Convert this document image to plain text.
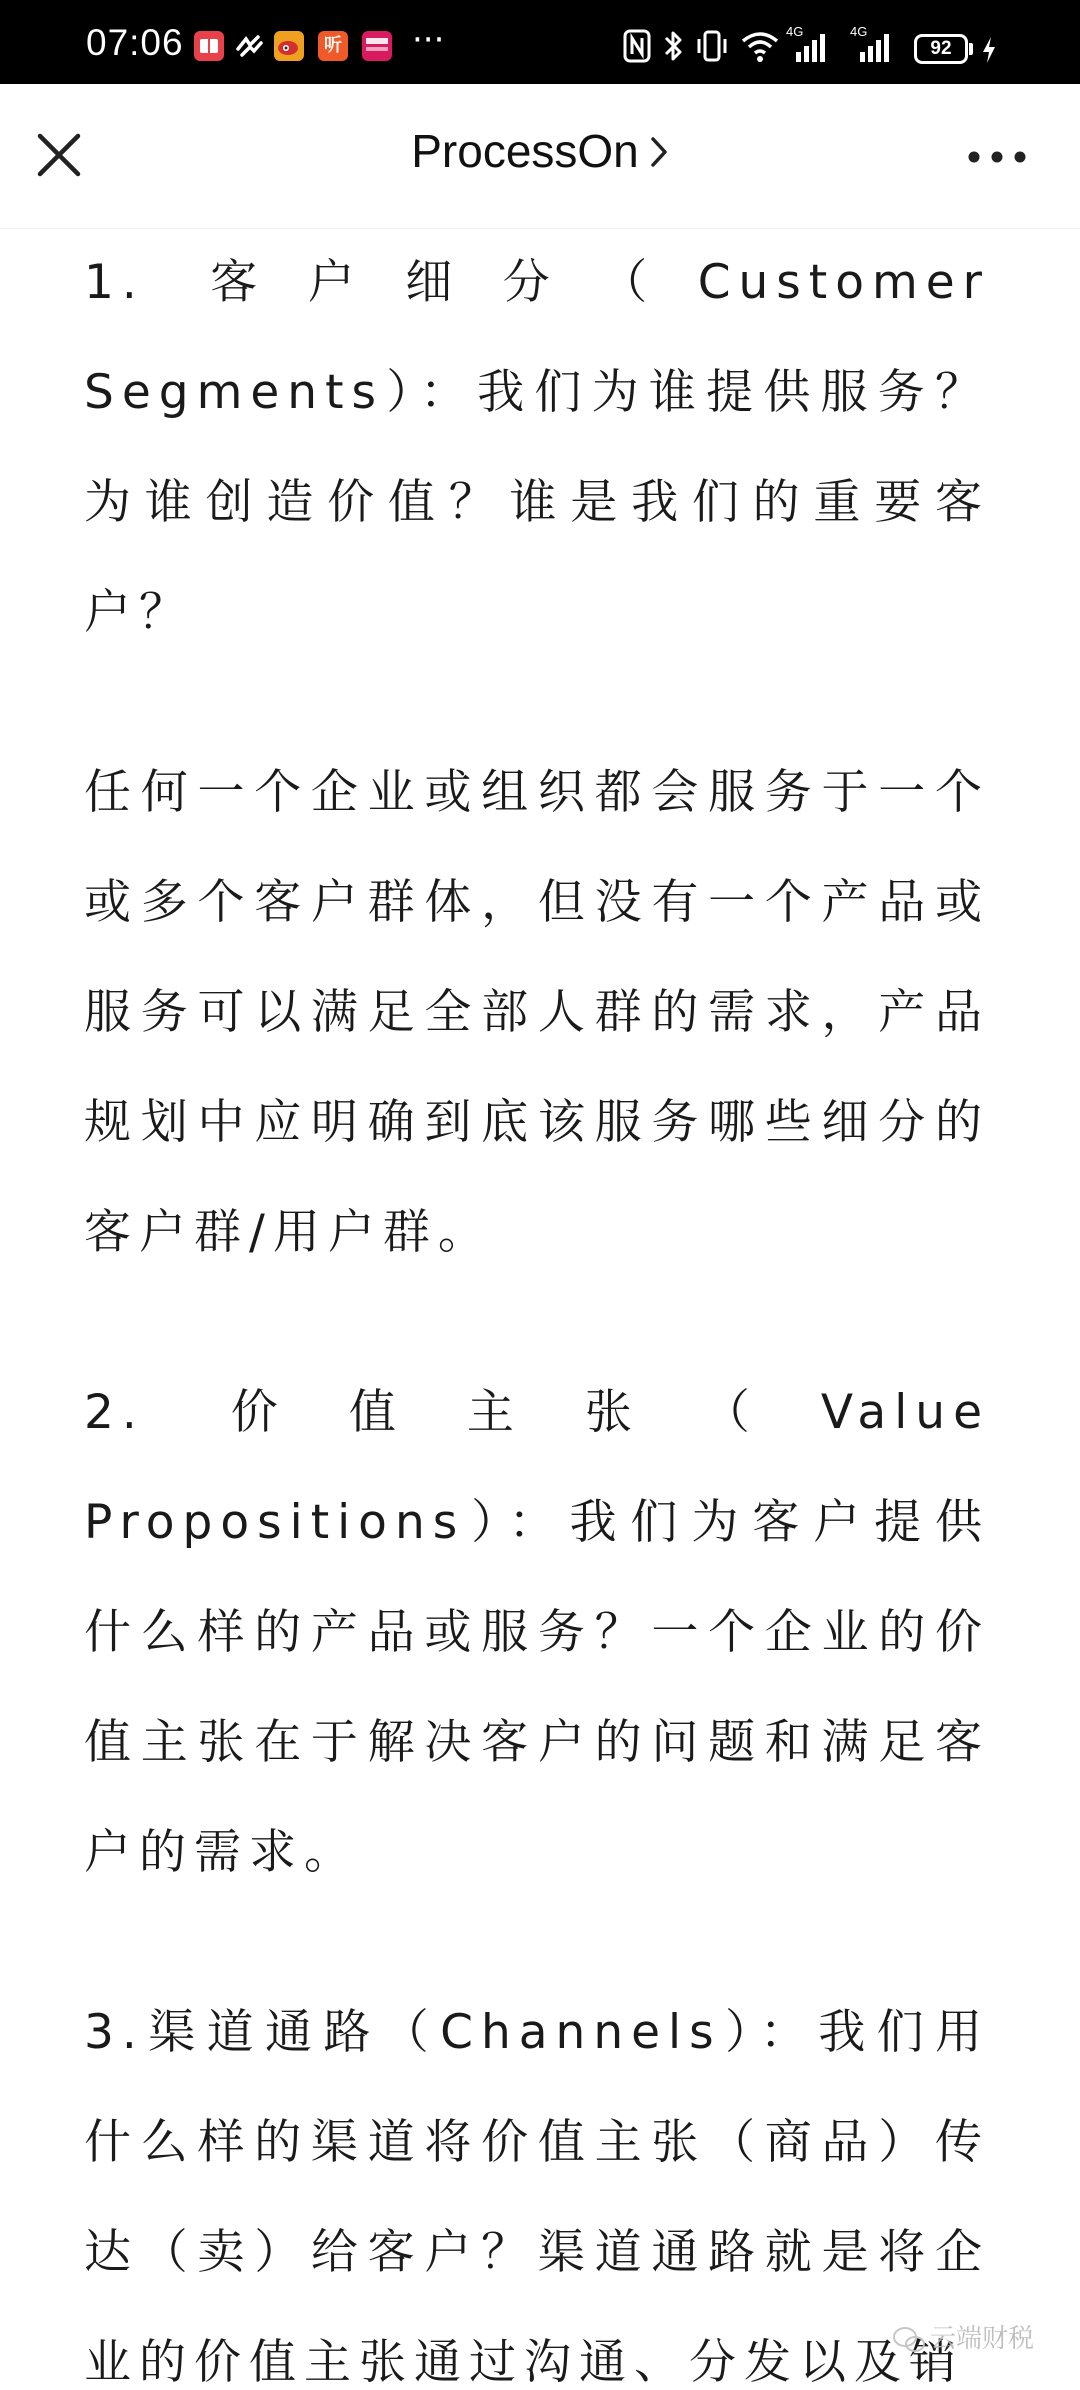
07:06	听 ···	4G	4G
92
ProcessOn

1. 客户细分（Customer Segments）：我们为谁提供服务？为谁创造价值？谁是我们的重要客户？

任何一个企业或组织都会服务于一个或多个客户群体，但没有一个产品或服务可以满足全部人群的需求，产品规划中应明确到底该服务哪些细分的客户群/用户群。

2. 价值主张（Value Propositions）：我们为客户提供什么样的产品或服务？一个企业的价值主张在于解决客户的问题和满足客户的需求。

3.渠道通路（Channels）：我们用什么样的渠道将价值主张（商品）传达（卖）给客户？渠道通路就是将企业的价值主张通过沟通、分发以及销

云端财税
